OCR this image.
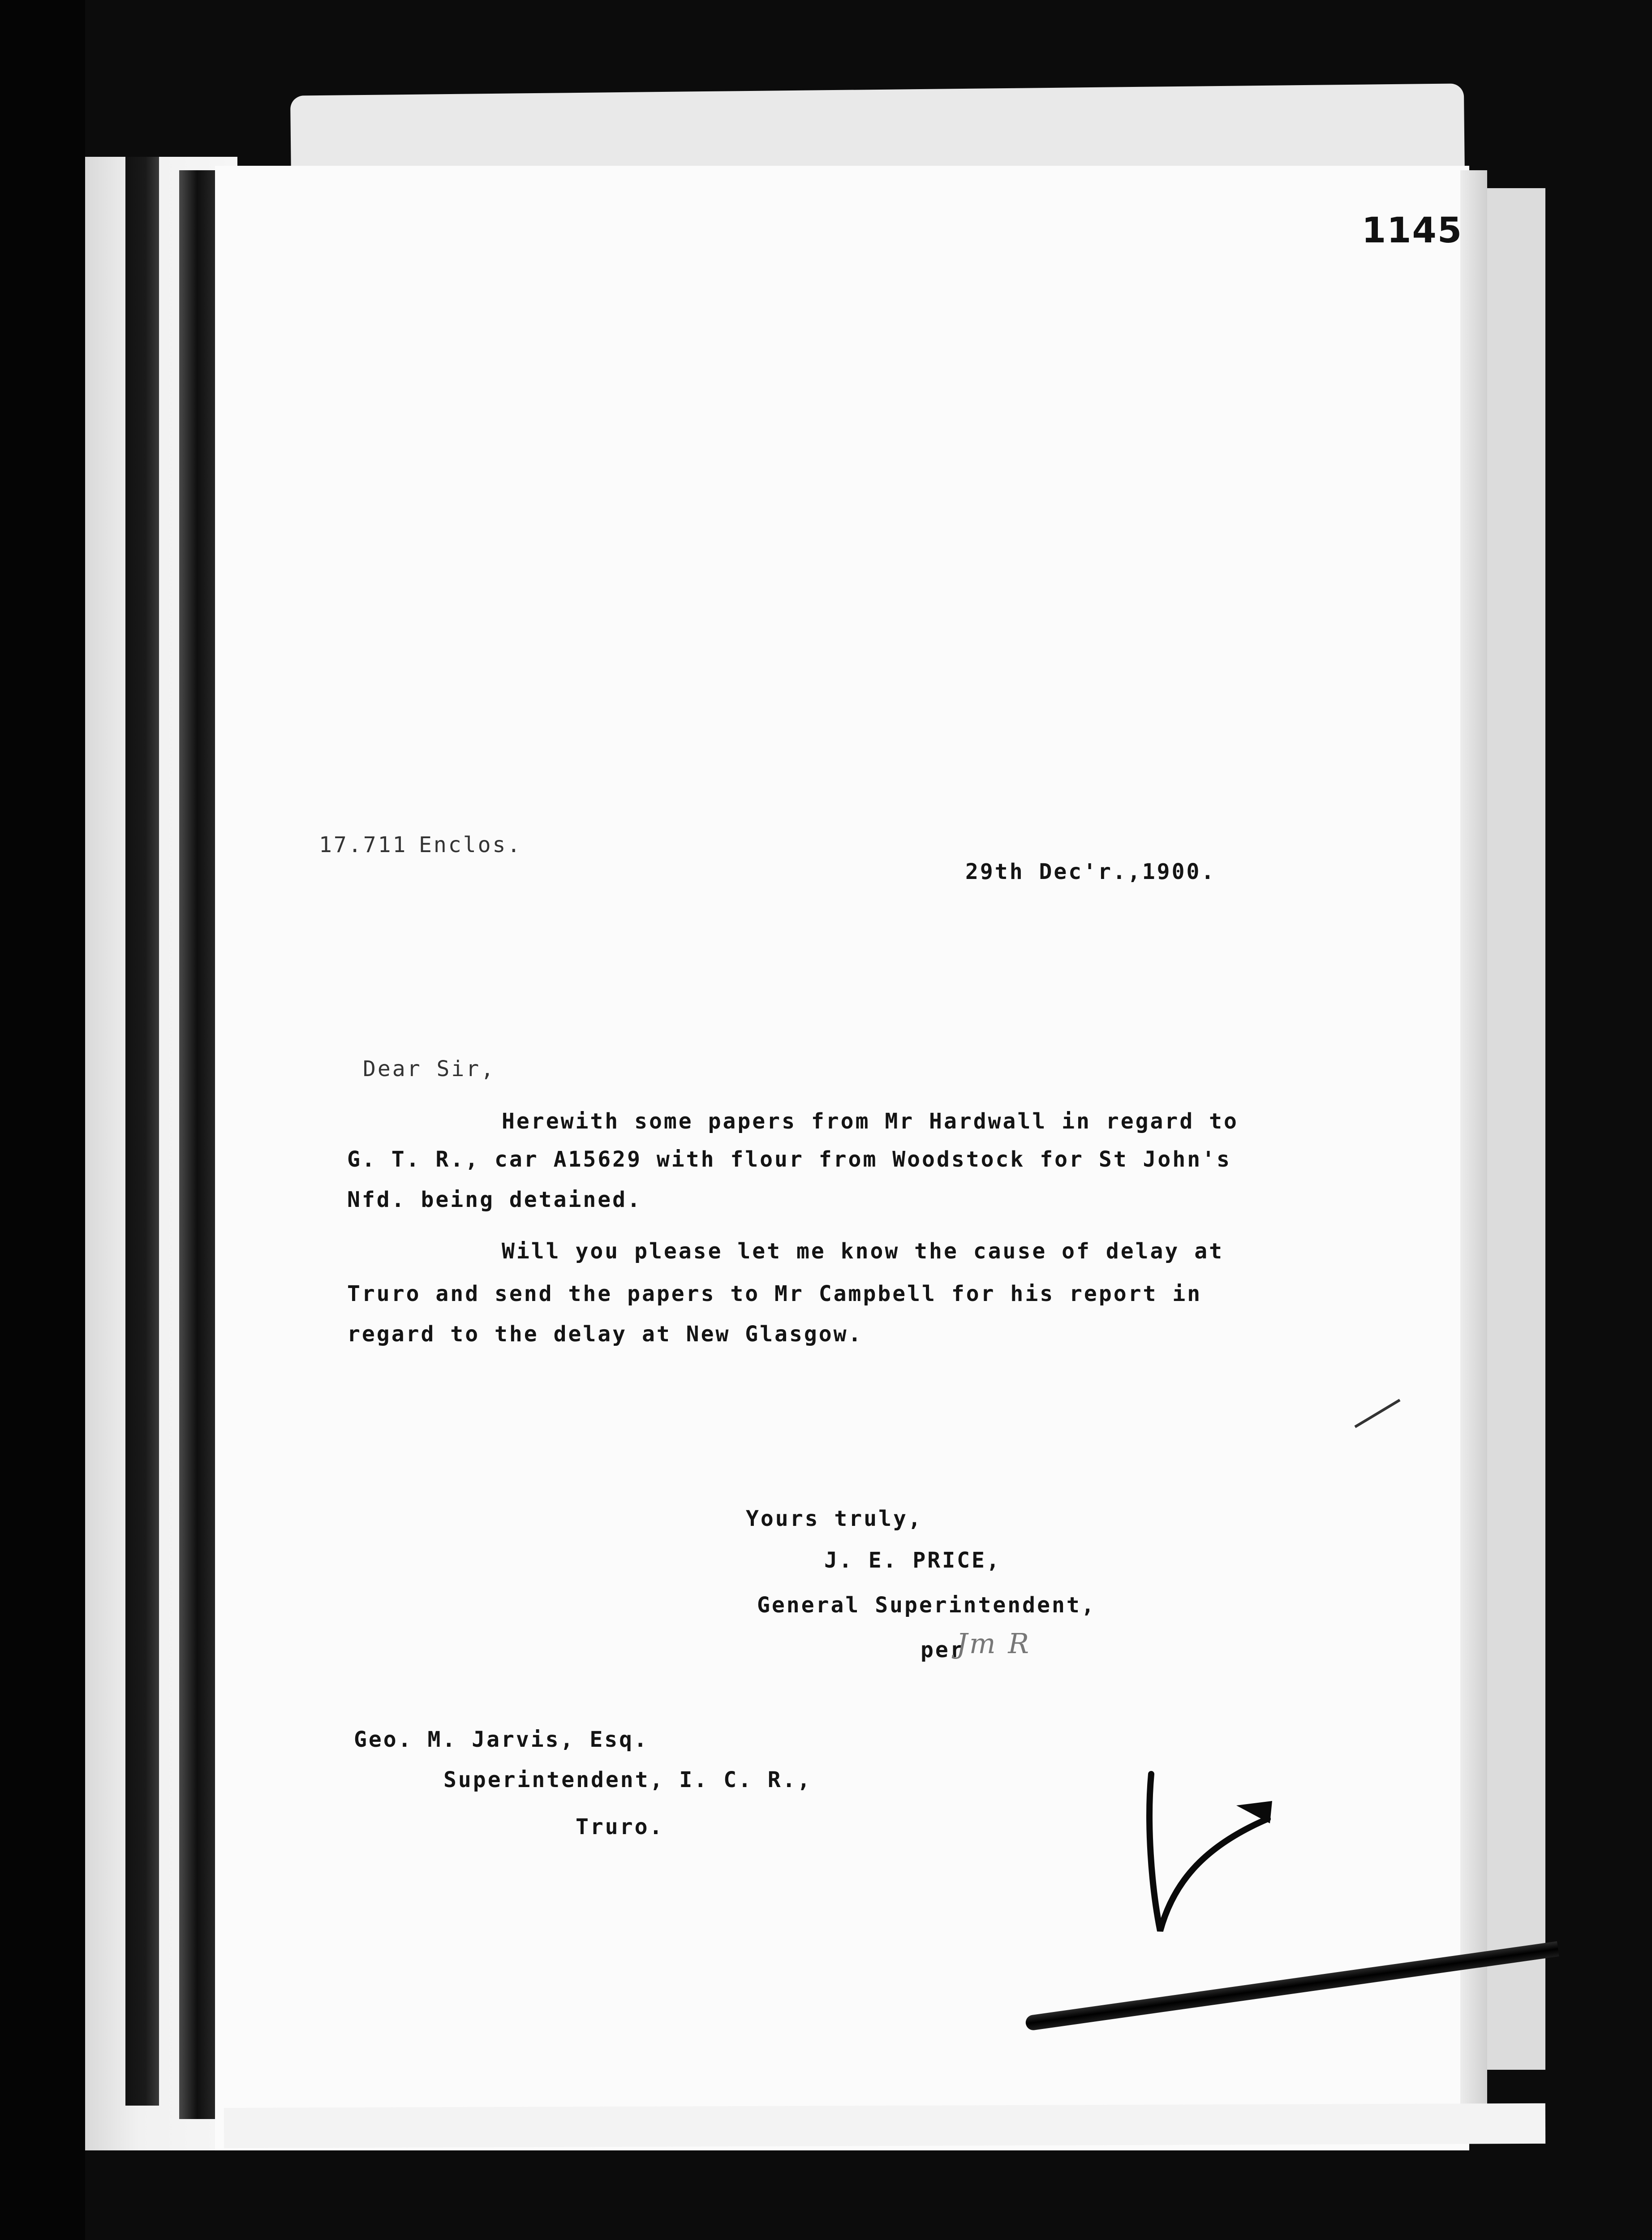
1145
17.711 Enclos.
29th Dec'r.,1900.
Dear Sir,
Herewith some papers from Mr Hardwall in regard to
G. T. R., car A15629 with flour from Woodstock for St John's
Nfd. being detained.
Will you please let me know the cause of delay at
Truro and send the papers to Mr Campbell for his report in
regard to the delay at New Glasgow.
Yours truly,
J. E. PRICE,
General Superintendent,
per
Jm R
Geo. M. Jarvis, Esq.
Superintendent, I. C. R.,
Truro.
